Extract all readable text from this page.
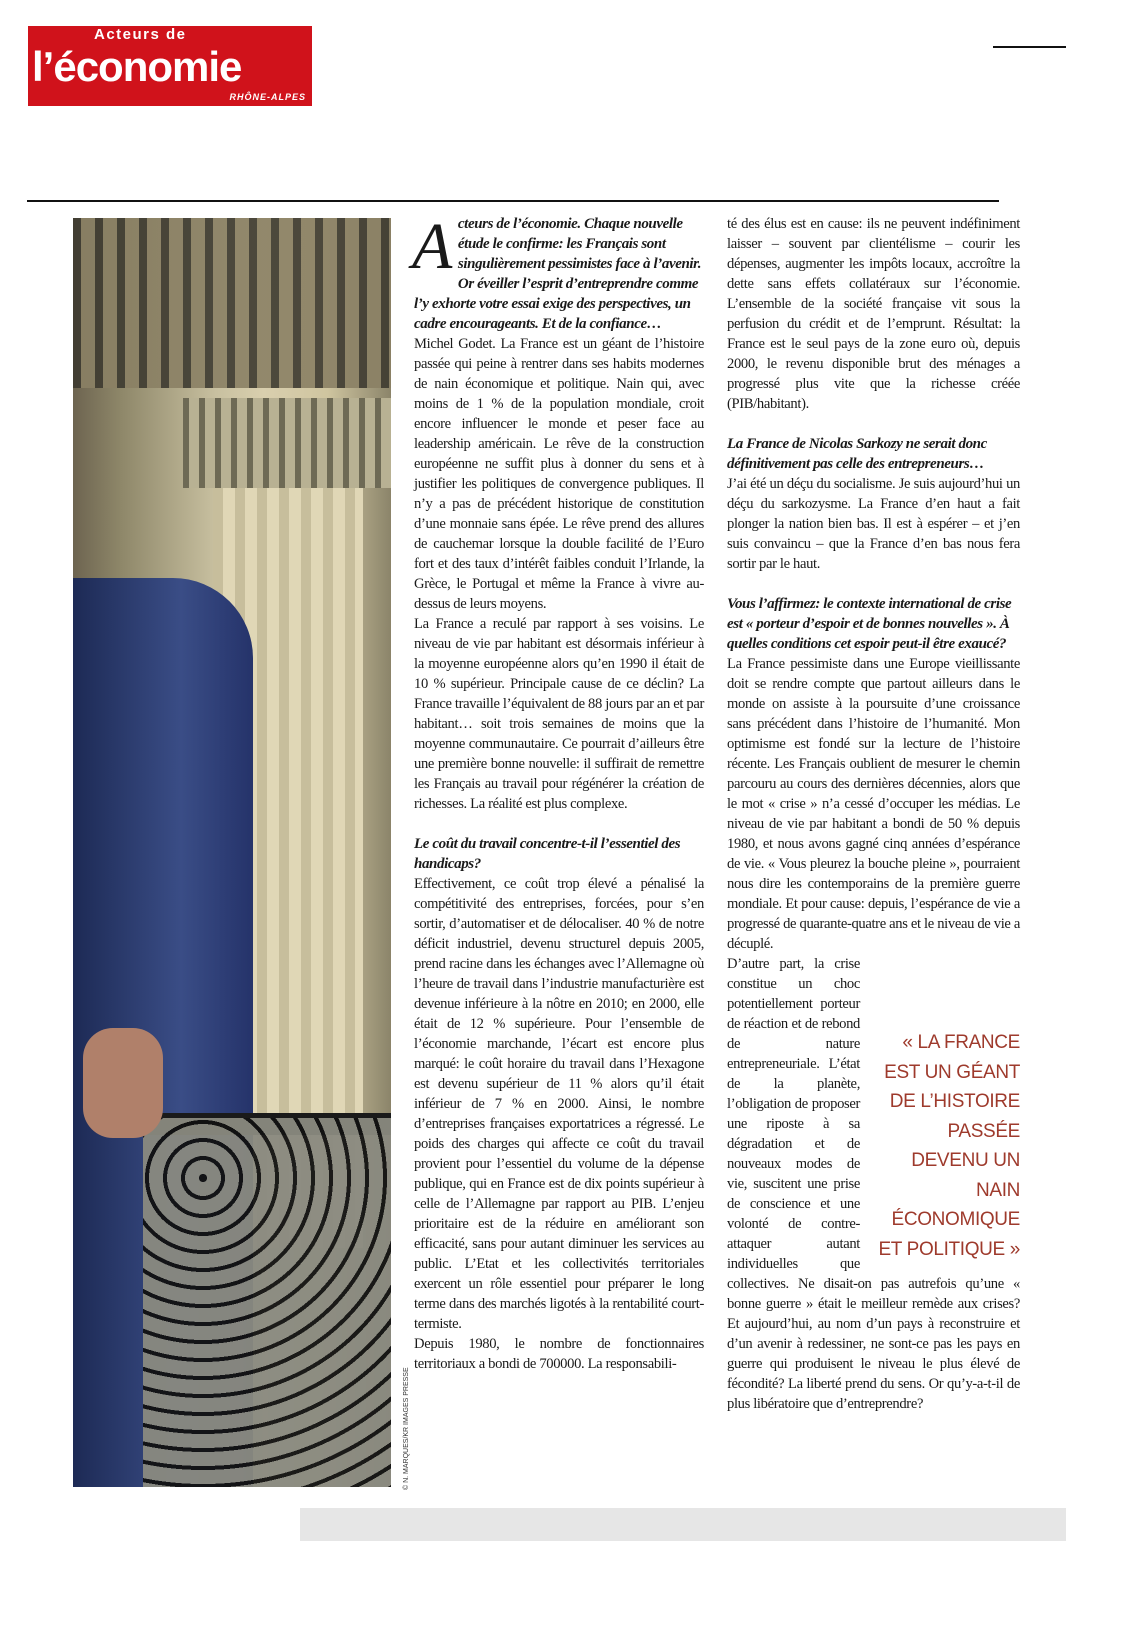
Acteurs de
l’économie
RHÔNE-ALPES
© N. MARQUES/KR IMAGES PRESSE

Acteurs de l’économie. Chaque nouvelle étude le confirme: les Français sont singulièrement pessimistes face à l’avenir. Or éveiller l’esprit d’entreprendre comme l’y exhorte votre essai exige des perspectives, un cadre encourageants. Et de la confiance…

Michel Godet. La France est un géant de l’histoire passée qui peine à rentrer dans ses habits modernes de nain économique et politique. Nain qui, avec moins de 1 % de la population mondiale, croit encore influencer le monde et peser face au leadership américain. Le rêve de la construction européenne ne suffit plus à donner du sens et à justifier les politiques de convergence publiques. Il n’y a pas de précédent historique de constitution d’une monnaie sans épée. Le rêve prend des allures de cauchemar lorsque la double facilité de l’Euro fort et des taux d’intérêt faibles conduit l’Irlande, la Grèce, le Portugal et même la France à vivre au-dessus de leurs moyens.

La France a reculé par rapport à ses voisins. Le niveau de vie par habitant est désormais inférieur à la moyenne européenne alors qu’en 1990 il était de 10 % supérieur. Principale cause de ce déclin? La France travaille l’équivalent de 88 jours par an et par habitant… soit trois semaines de moins que la moyenne communautaire. Ce pourrait d’ailleurs être une première bonne nouvelle: il suffirait de remettre les Français au travail pour régénérer la création de richesses. La réalité est plus complexe.

Le coût du travail concentre-t-il l’essentiel des handicaps?

Effectivement, ce coût trop élevé a pénalisé la compétitivité des entreprises, forcées, pour s’en sortir, d’automatiser et de délocaliser. 40 % de notre déficit industriel, devenu structurel depuis 2005, prend racine dans les échanges avec l’Allemagne où l’heure de travail dans l’industrie manufacturière est devenue inférieure à la nôtre en 2010; en 2000, elle était de 12 % supérieure. Pour l’ensemble de l’économie marchande, l’écart est encore plus marqué: le coût horaire du travail dans l’Hexagone est devenu supérieur de 11 % alors qu’il était inférieur de 7 % en 2000. Ainsi, le nombre d’entreprises françaises exportatrices a régressé. Le poids des charges qui affecte ce coût du travail provient pour l’essentiel du volume de la dépense publique, qui en France est de dix points supérieur à celle de l’Allemagne par rapport au PIB. L’enjeu prioritaire est de la réduire en améliorant son efficacité, sans pour autant diminuer les services au public. L’Etat et les collectivités territoriales exercent un rôle essentiel pour préparer le long terme dans des marchés ligotés à la rentabilité court-termiste.

Depuis 1980, le nombre de fonctionnaires territoriaux a bondi de 700000. La responsabili-

té des élus est en cause: ils ne peuvent indéfiniment laisser – souvent par clientélisme – courir les dépenses, augmenter les impôts locaux, accroître la dette sans effets collatéraux sur l’économie. L’ensemble de la société française vit sous la perfusion du crédit et de l’emprunt. Résultat: la France est le seul pays de la zone euro où, depuis 2000, le revenu disponible brut des ménages a progressé plus vite que la richesse créée (PIB/habitant).

La France de Nicolas Sarkozy ne serait donc définitivement pas celle des entrepreneurs…

J’ai été un déçu du socialisme. Je suis aujourd’hui un déçu du sarkozysme. La France d’en haut a fait plonger la nation bien bas. Il est à espérer – et j’en suis convaincu – que la France d’en bas nous fera sortir par le haut.

Vous l’affirmez: le contexte international de crise est « porteur d’espoir et de bonnes nouvelles ». À quelles conditions cet espoir peut-il être exaucé?

La France pessimiste dans une Europe vieillissante doit se rendre compte que partout ailleurs dans le monde on assiste à la poursuite d’une croissance sans précédent dans l’histoire de l’humanité. Mon optimisme est fondé sur la lecture de l’histoire récente. Les Français oublient de mesurer le chemin parcouru au cours des dernières décennies, alors que le mot « crise » n’a cessé d’occuper les médias. Le niveau de vie par habitant a bondi de 50 % depuis 1980, et nous avons gagné cinq années d’espérance de vie. « Vous pleurez la bouche pleine », pourraient nous dire les contemporains de la première guerre mondiale. Et pour cause: depuis, l’espérance de vie a progressé de quarante-quatre ans et le niveau de vie a décuplé.

« LA FRANCE EST UN GÉANT DE L’HISTOIRE PASSÉE DEVENU UN NAIN ÉCONOMIQUE ET POLITIQUE »

D’autre part, la crise constitue un choc potentiellement porteur de réaction et de rebond de nature entrepreneuriale. L’état de la planète, l’obligation de proposer une riposte à sa dégradation et de nouveaux modes de vie, suscitent une prise de conscience et une volonté de contre-attaquer autant individuelles que collectives. Ne disait-on pas autrefois qu’une « bonne guerre » était le meilleur remède aux crises? Et aujourd’hui, au nom d’un pays à reconstruire et d’un avenir à redessiner, ne sont-ce pas les pays en guerre qui produisent le niveau le plus élevé de fécondité? La liberté prend du sens. Or qu’y-a-t-il de plus libératoire que d’entreprendre?
